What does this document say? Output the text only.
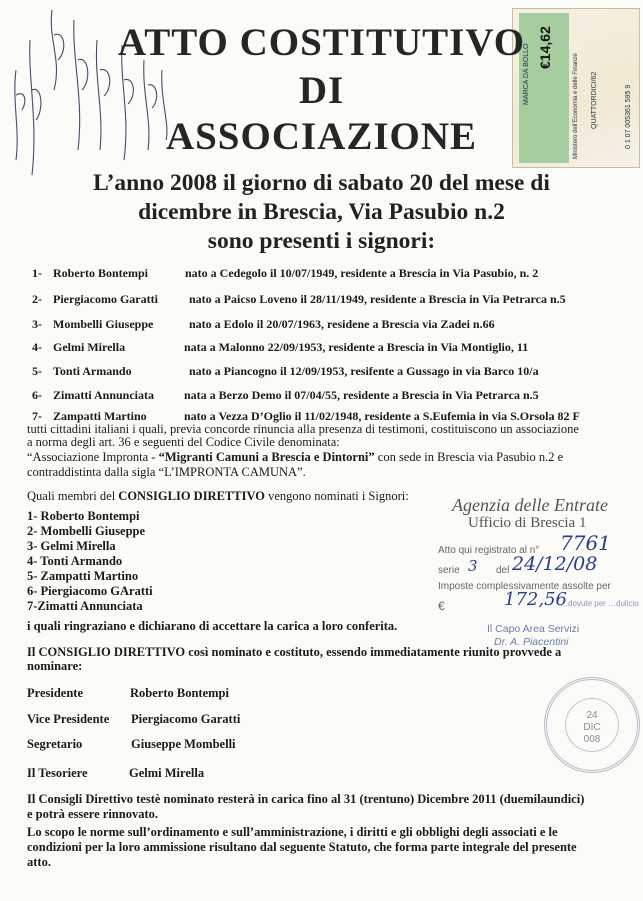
MARCA DA BOLLO €14,62
Ministero dell’Economia e delle Finanze QUATTORDICI/62	0 1 07 005361 595 9
ATTO COSTITUTIVO
DI
ASSOCIAZIONE
L’anno 2008 il giorno di sabato 20 del mese di
dicembre in Brescia, Via Pasubio n.2
sono presenti i signori:
1- Roberto Bontempi	nato a Cedegolo il 10/07/1949, residente a Brescia in Via Pasubio, n. 2
2- Piergiacomo Garatti	nato a Paicso Loveno il 28/11/1949, residente a Brescia in Via Petrarca n.5
3- Mombelli Giuseppe	nato a Edolo il 20/07/1963, residene a Brescia via Zadei n.66
4- Gelmi Mirella	nata a Malonno 22/09/1953, residente a Brescia in Via Montiglio, 11
5- Tonti Armando	nato a Piancogno il 12/09/1953, resifente a Gussago in via Barco 10/a
6- Zimatti Annunciata nata a Berzo Demo il 07/04/55, residente a Brescia in Via Petrarca n.5
7- Zampatti Martino	nato a Vezza D’Oglio il 11/02/1948, residente a S.Eufemia in via S.Orsola 82 F
tutti cittadini italiani i quali, previa concorde rinuncia alla presenza di testimoni, costituiscono un associazione
a norma degli art. 36 e seguenti del Codice Civile denominata:
“Associazione Impronta - “Migranti Camuni a Brescia e Dintorni” con sede in Brescia via Pasubio n.2 e
contraddistinta dalla sigla “L’IMPRONTA CAMUNA”.
Quali membri del CONSIGLIO DIRETTIVO vengono nominati i Signori:
1- Roberto Bontempi
2- Mombelli Giuseppe
3- Gelmi Mirella
4- Tonti Armando
5- Zampatti Martino
6- Piergiacomo GAratti
7-Zimatti Annunciata
i quali ringraziano e dichiarano di accettare la carica a loro conferita.
Il CONSIGLIO DIRETTIVO così nominato e costituto, essendo immediatamente riunito provvede a
nominare:
Presidente	Roberto Bontempi
Vice Presidente Piergiacomo Garatti
Segretario	Giuseppe Mombelli
Il Tesoriere	Gelmi Mirella
Il Consigli Direttivo testè nominato resterà in carica fino al 31 (trentuno) Dicembre 2011 (duemilaundici)
e potrà essere rinnovato.
Lo scopo le norme sull’ordinamento e sull’amministrazione, i diritti e gli obblighi degli associati e le
condizioni per la loro ammissione risultano dal seguente Statuto, che forma parte integrale del presente
atto.
Agenzia delle Entrate
Ufficio di Brescia 1
Atto qui registrato al n° 7761
serie 3 del 24/12/08
Imposte complessivamente assolte per
€	172,56
…dovute per …dulicio
Il Capo Area Servizi
Dr. A. Piacentini
24
DIC
008
